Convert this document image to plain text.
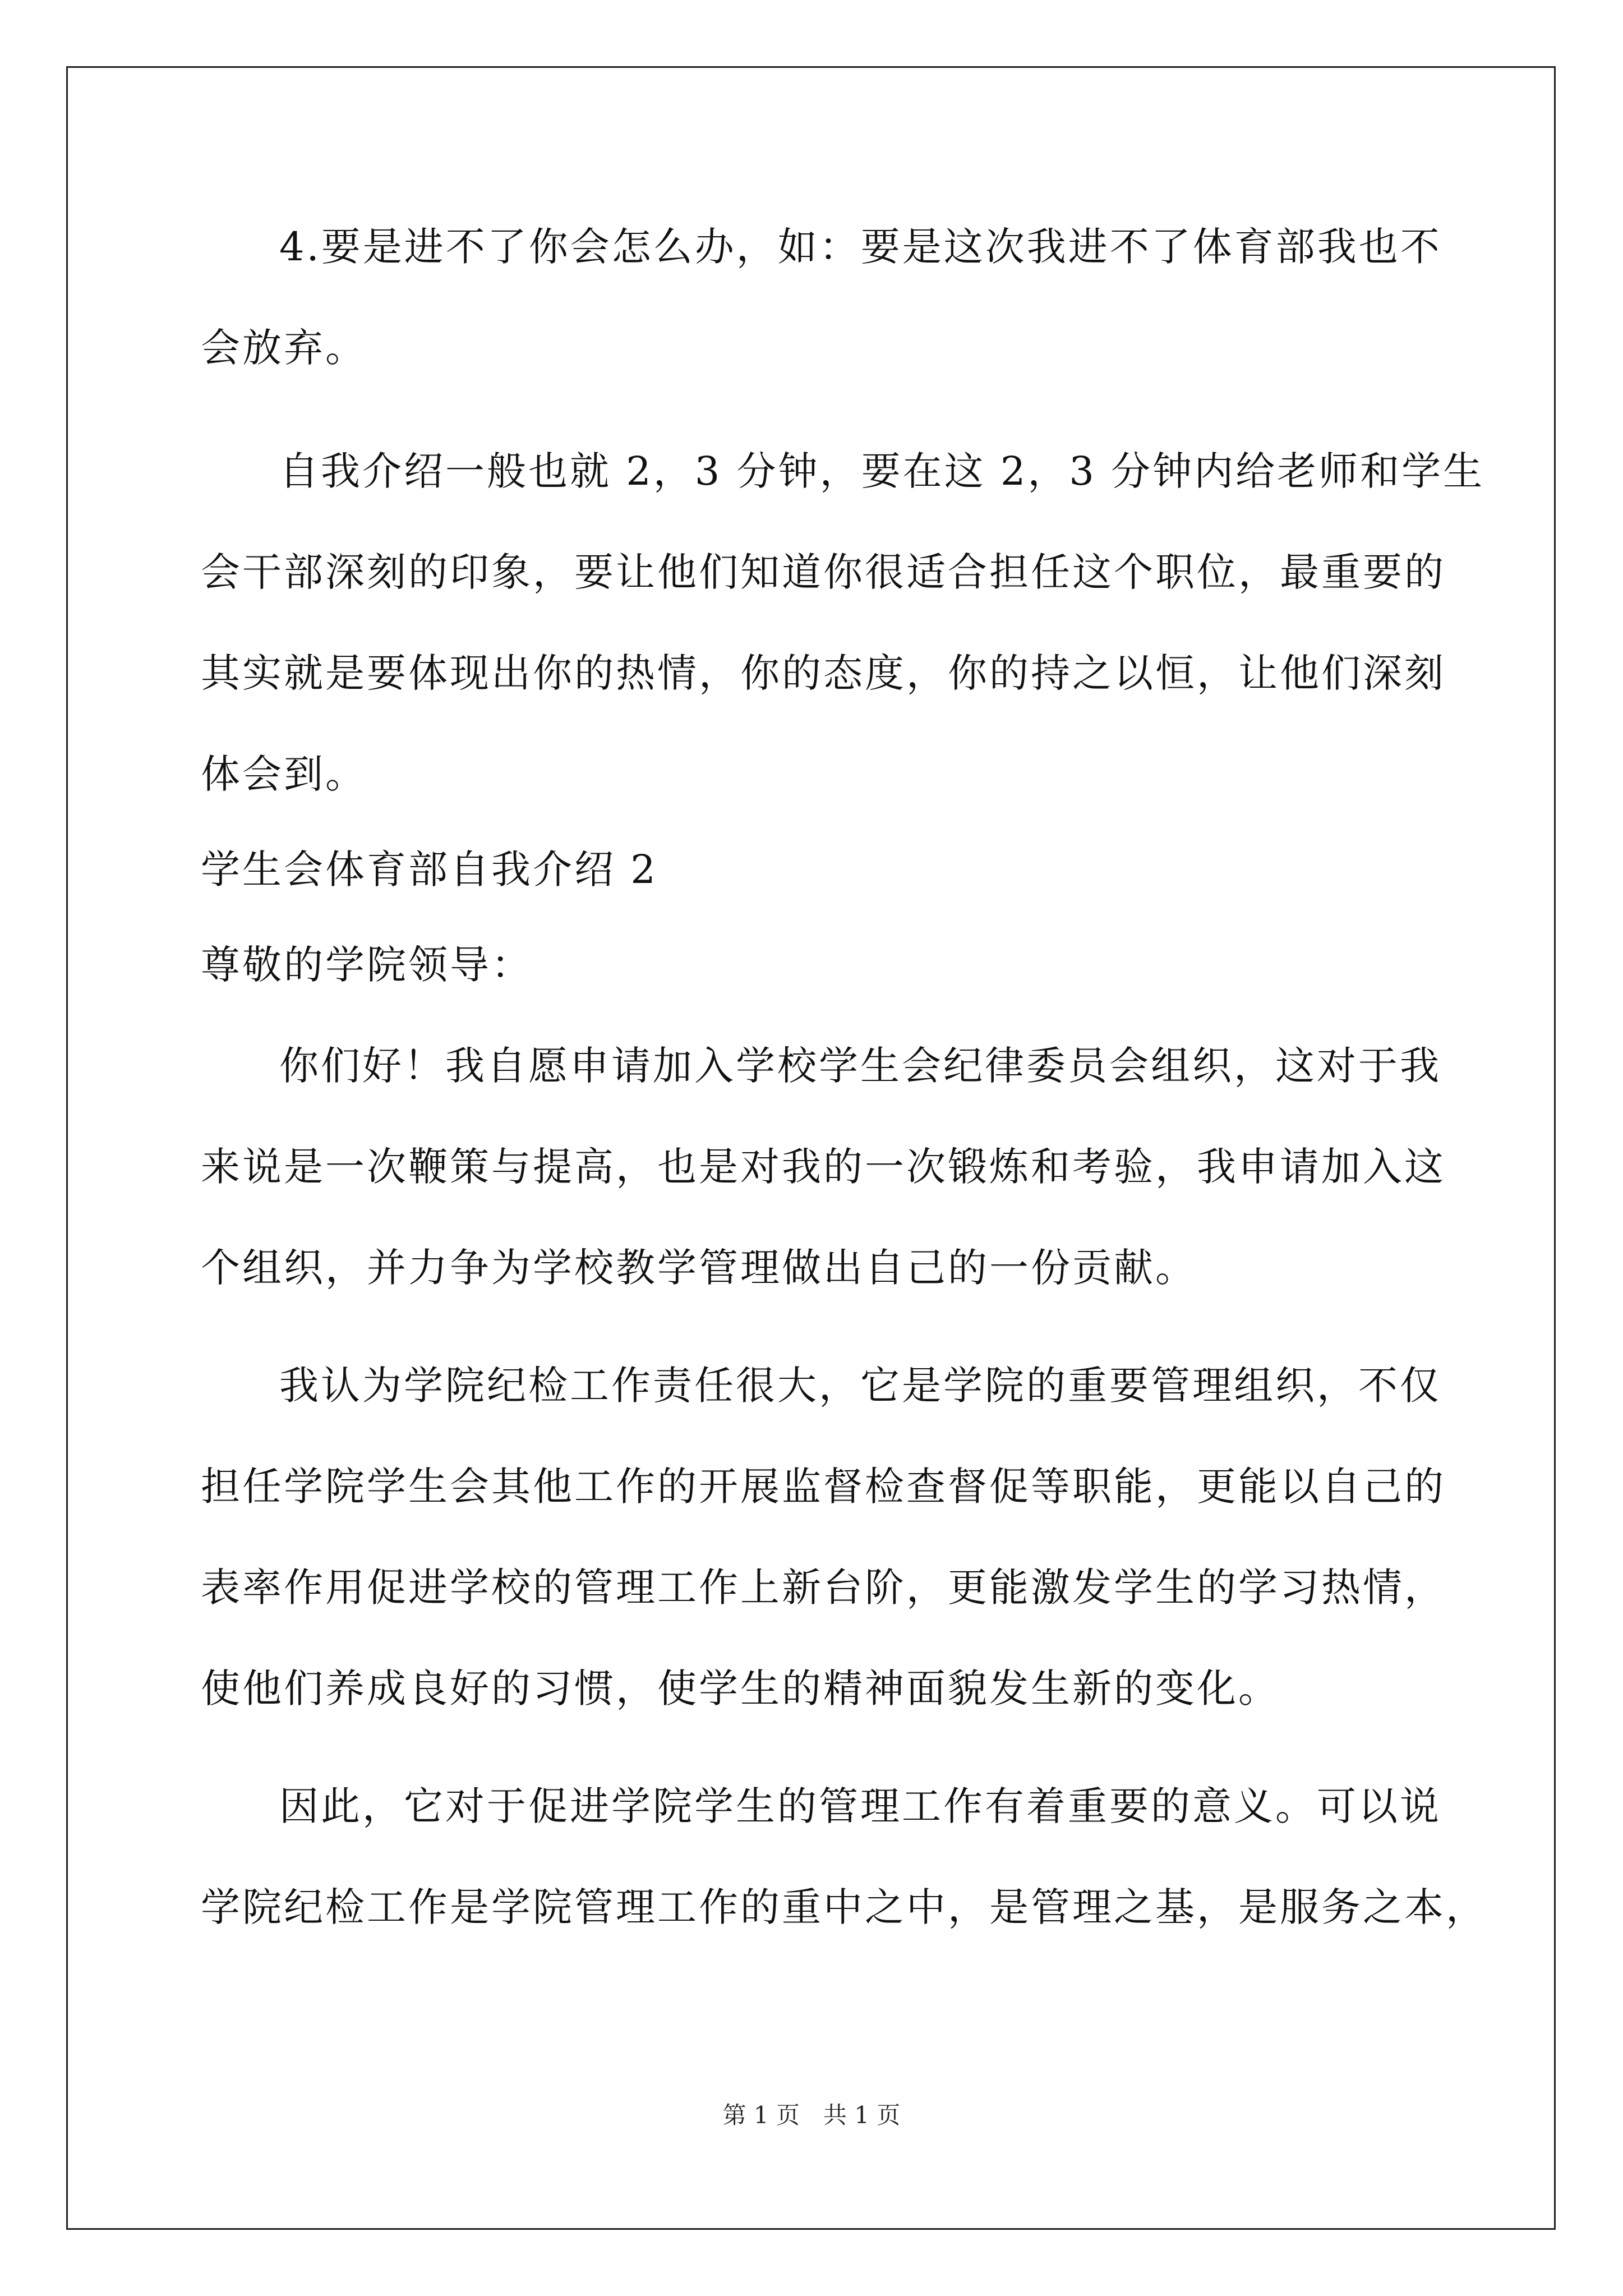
4.要是进不了你会怎么办，如：要是这次我进不了体育部我也不
会放弃。
自我介绍一般也就 2，3 分钟，要在这 2，3 分钟内给老师和学生
会干部深刻的印象，要让他们知道你很适合担任这个职位，最重要的
其实就是要体现出你的热情，你的态度，你的持之以恒，让他们深刻
体会到。
学生会体育部自我介绍 2
尊敬的学院领导：
你们好！我自愿申请加入学校学生会纪律委员会组织，这对于我
来说是一次鞭策与提高，也是对我的一次锻炼和考验，我申请加入这
个组织，并力争为学校教学管理做出自己的一份贡献。
我认为学院纪检工作责任很大，它是学院的重要管理组织，不仅
担任学院学生会其他工作的开展监督检查督促等职能，更能以自己的
表率作用促进学校的管理工作上新台阶，更能激发学生的学习热情，
使他们养成良好的习惯，使学生的精神面貌发生新的变化。
因此，它对于促进学院学生的管理工作有着重要的意义。可以说
学院纪检工作是学院管理工作的重中之中，是管理之基，是服务之本，
第 1 页　共 1 页
